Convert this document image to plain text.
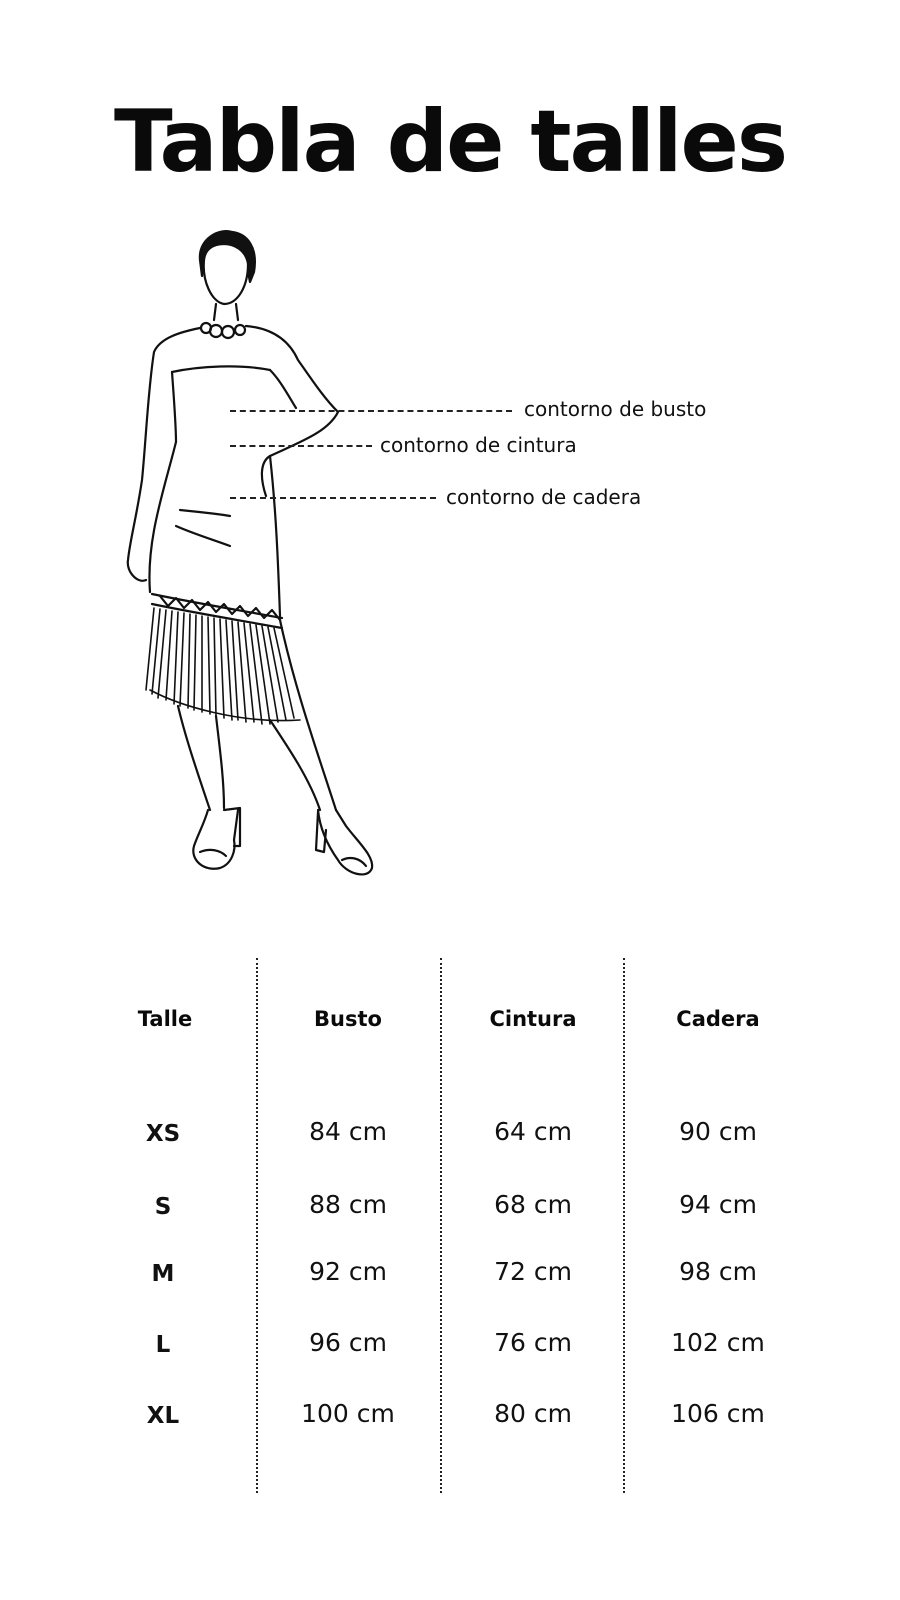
Tabla de talles
contorno de busto
contorno de cintura
contorno de cadera
Talle	Busto	Cintura	Cadera
XS	84 cm	64 cm	90 cm
S	88 cm	68 cm	94 cm
M	92 cm	72 cm	98 cm
L	96 cm	76 cm	102 cm
XL	100 cm	80 cm	106 cm
